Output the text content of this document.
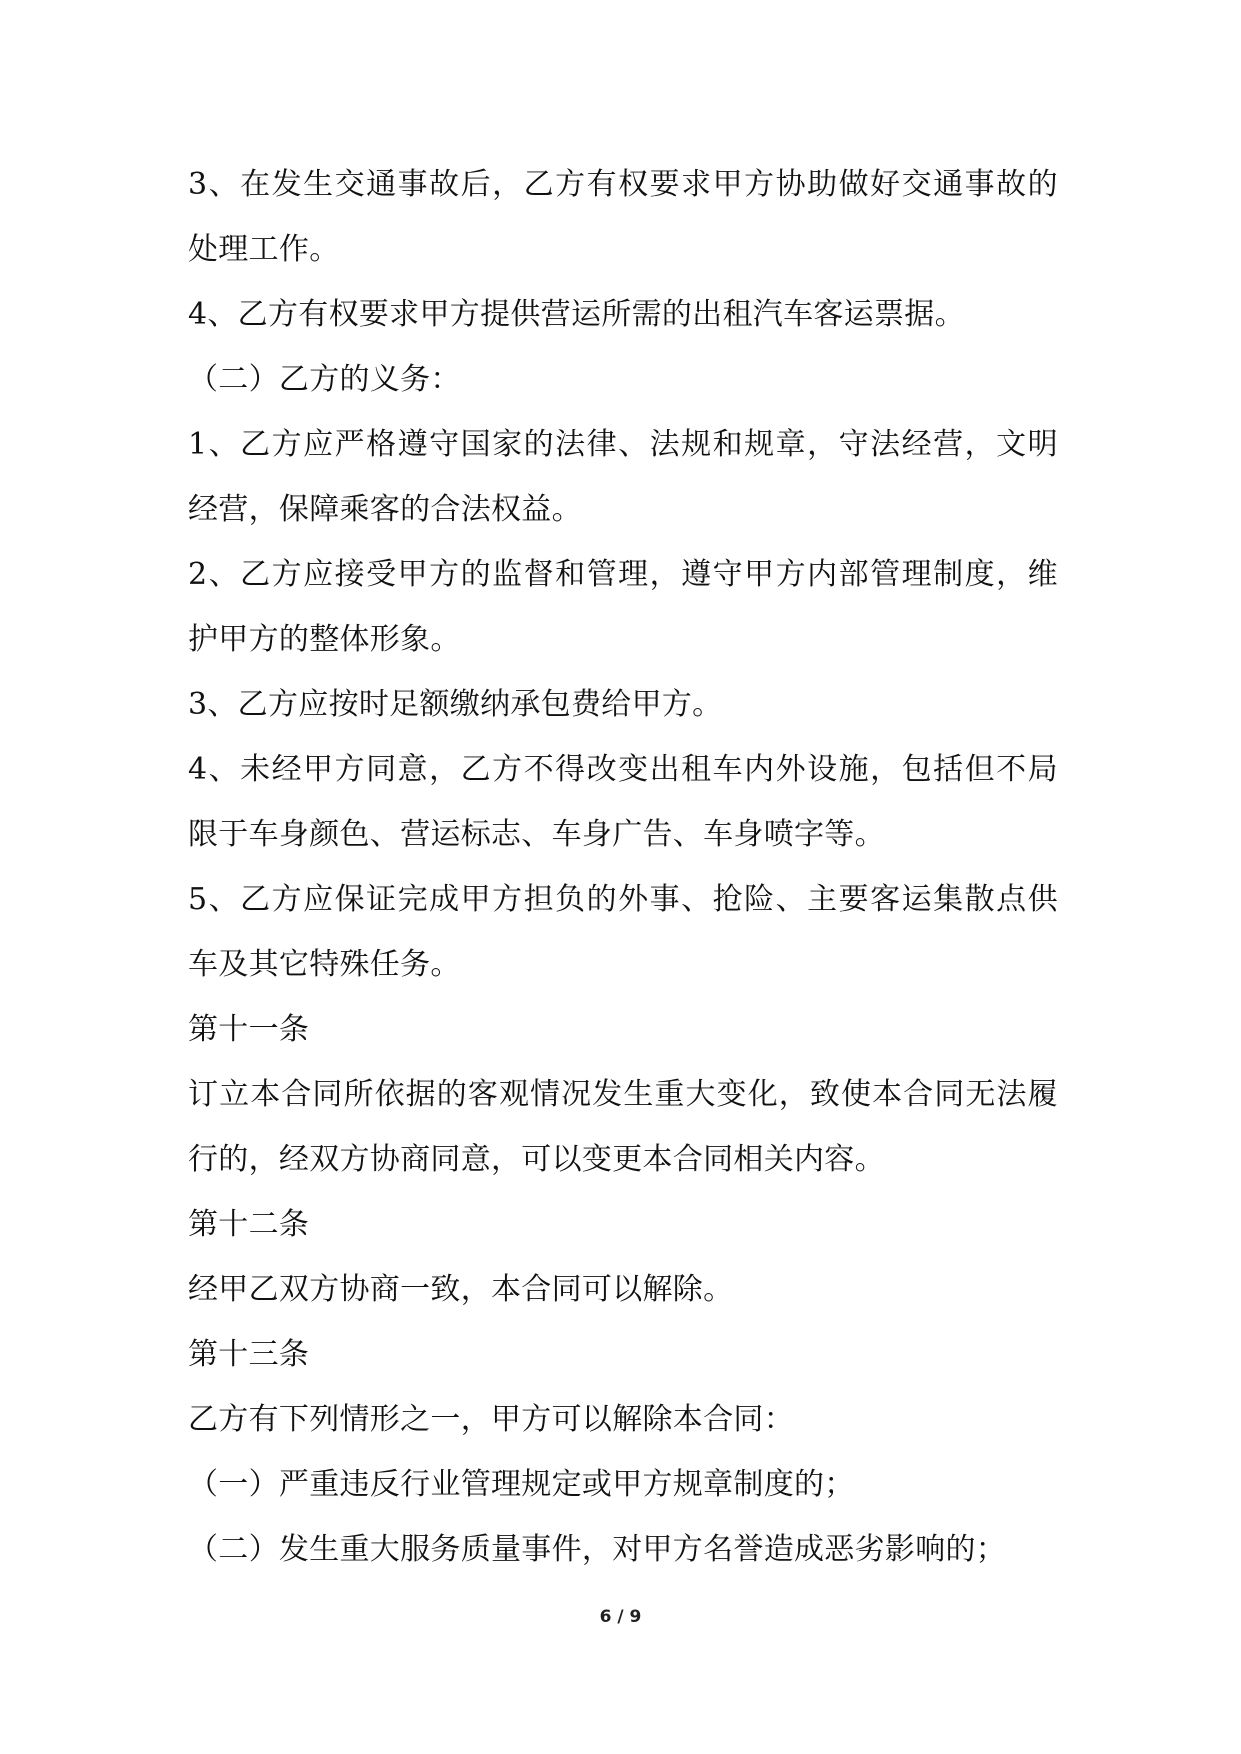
3 、 在 发 生 交 通 事 故 后 ， 乙 方 有 权 要 求 甲 方 协 助 做 好 交 通 事 故 的
处理工作。
4、乙方有权要求甲方提供营运所需的出租汽车客运票据。
（二）乙方的义务：
1 、 乙 方 应 严 格 遵 守 国 家 的 法 律 、 法 规 和 规 章 ， 守 法 经 营 ， 文 明
经营，保障乘客的合法权益。
2 、 乙 方 应 接 受 甲 方 的 监 督 和 管 理 ， 遵 守 甲 方 内 部 管 理 制 度 ， 维
护甲方的整体形象。
3、乙方应按时足额缴纳承包费给甲方。
4 、 未 经 甲 方 同 意 ， 乙 方 不 得 改 变 出 租 车 内 外 设 施 ， 包 括 但 不 局
限于车身颜色、营运标志、车身广告、车身喷字等。
5 、 乙 方 应 保 证 完 成 甲 方 担 负 的 外 事 、 抢 险 、 主 要 客 运 集 散 点 供
车及其它特殊任务。
第十一条
订 立 本 合 同 所 依 据 的 客 观 情 况 发 生 重 大 变 化 ， 致 使 本 合 同 无 法 履
行的，经双方协商同意，可以变更本合同相关内容。
第十二条
经甲乙双方协商一致，本合同可以解除。
第十三条
乙方有下列情形之一，甲方可以解除本合同：
（一）严重违反行业管理规定或甲方规章制度的；
（二）发生重大服务质量事件，对甲方名誉造成恶劣影响的；
6 / 9
